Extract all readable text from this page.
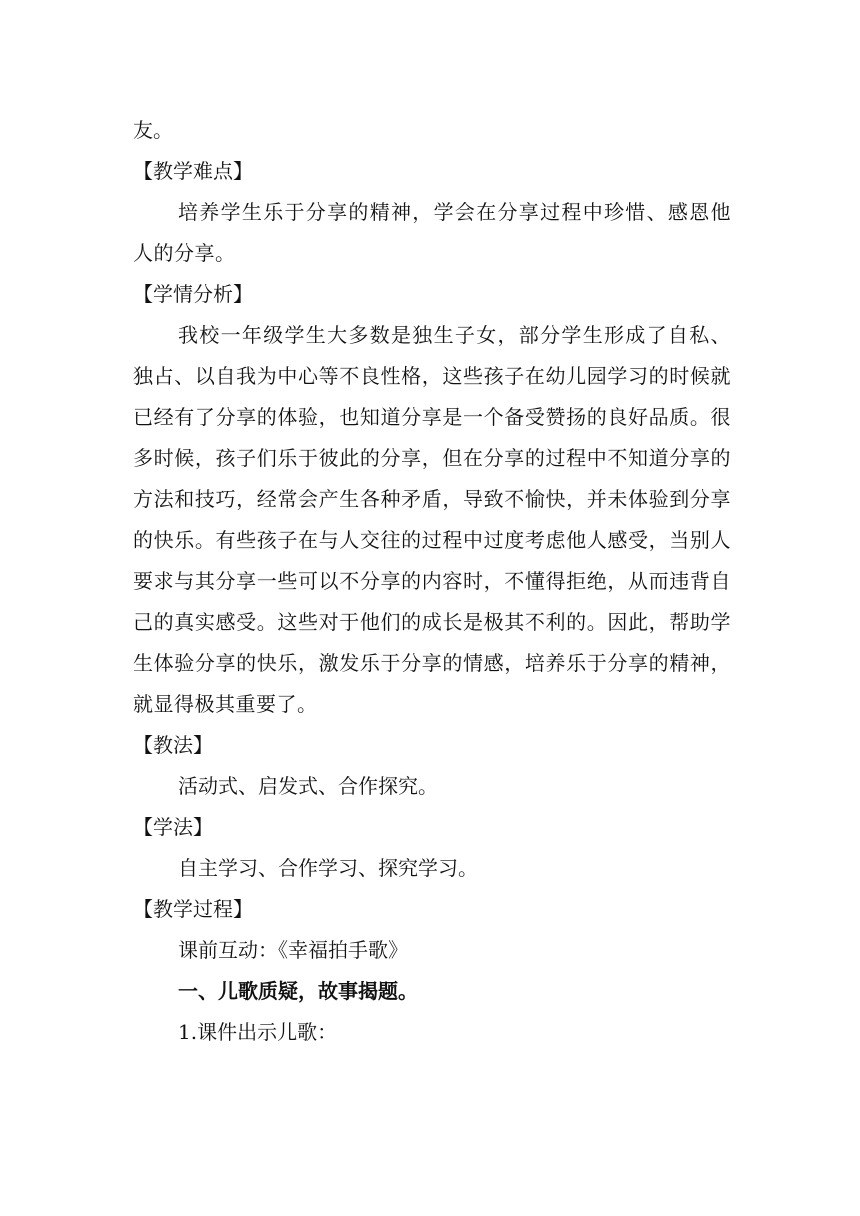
友。
【教学难点】
培养学生乐于分享的精神，学会在分享过程中珍惜、感恩他人的分享。
【学情分析】
我校一年级学生大多数是独生子女，部分学生形成了自私、独占、以自我为中心等不良性格，这些孩子在幼儿园学习的时候就已经有了分享的体验，也知道分享是一个备受赞扬的良好品质。很多时候，孩子们乐于彼此的分享，但在分享的过程中不知道分享的方法和技巧，经常会产生各种矛盾，导致不愉快，并未体验到分享的快乐。有些孩子在与人交往的过程中过度考虑他人感受，当别人要求与其分享一些可以不分享的内容时，不懂得拒绝，从而违背自己的真实感受。这些对于他们的成长是极其不利的。因此，帮助学生体验分享的快乐，激发乐于分享的情感，培养乐于分享的精神，就显得极其重要了。
【教法】
活动式、启发式、合作探究。
【学法】
自主学习、合作学习、探究学习。
【教学过程】
课前互动：《幸福拍手歌》
一、儿歌质疑，故事揭题。
1.课件出示儿歌：
